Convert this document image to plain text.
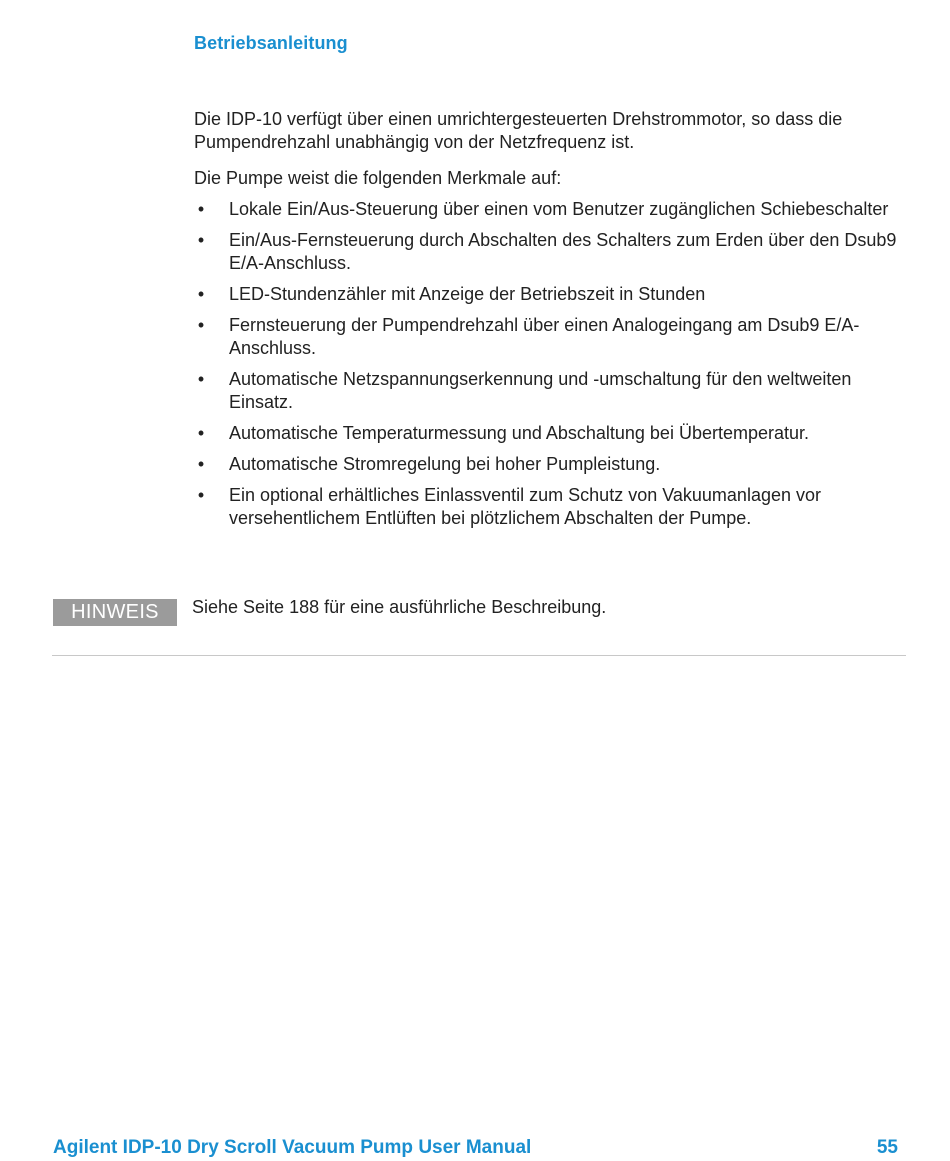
Betriebsanleitung

Die IDP-10 verfügt über einen umrichtergesteuerten Drehstrommotor, so dass die Pumpendrehzahl unabhängig von der Netzfrequenz ist.

Die Pumpe weist die folgenden Merkmale auf:

• Lokale Ein/Aus-Steuerung über einen vom Benutzer zugänglichen Schiebeschalter
• Ein/Aus-Fernsteuerung durch Abschalten des Schalters zum Erden über den Dsub9 E/A-Anschluss.
• LED-Stundenzähler mit Anzeige der Betriebszeit in Stunden
• Fernsteuerung der Pumpendrehzahl über einen Analogeingang am Dsub9 E/A-Anschluss.
• Automatische Netzspannungserkennung und -umschaltung für den weltweiten Einsatz.
• Automatische Temperaturmessung und Abschaltung bei Übertemperatur.
• Automatische Stromregelung bei hoher Pumpleistung.
• Ein optional erhältliches Einlassventil zum Schutz von Vakuumanlagen vor versehentlichem Entlüften bei plötzlichem Abschalten der Pumpe.
HINWEIS	Siehe Seite 188 für eine ausführliche Beschreibung.
Agilent IDP-10 Dry Scroll Vacuum Pump User Manual	55
